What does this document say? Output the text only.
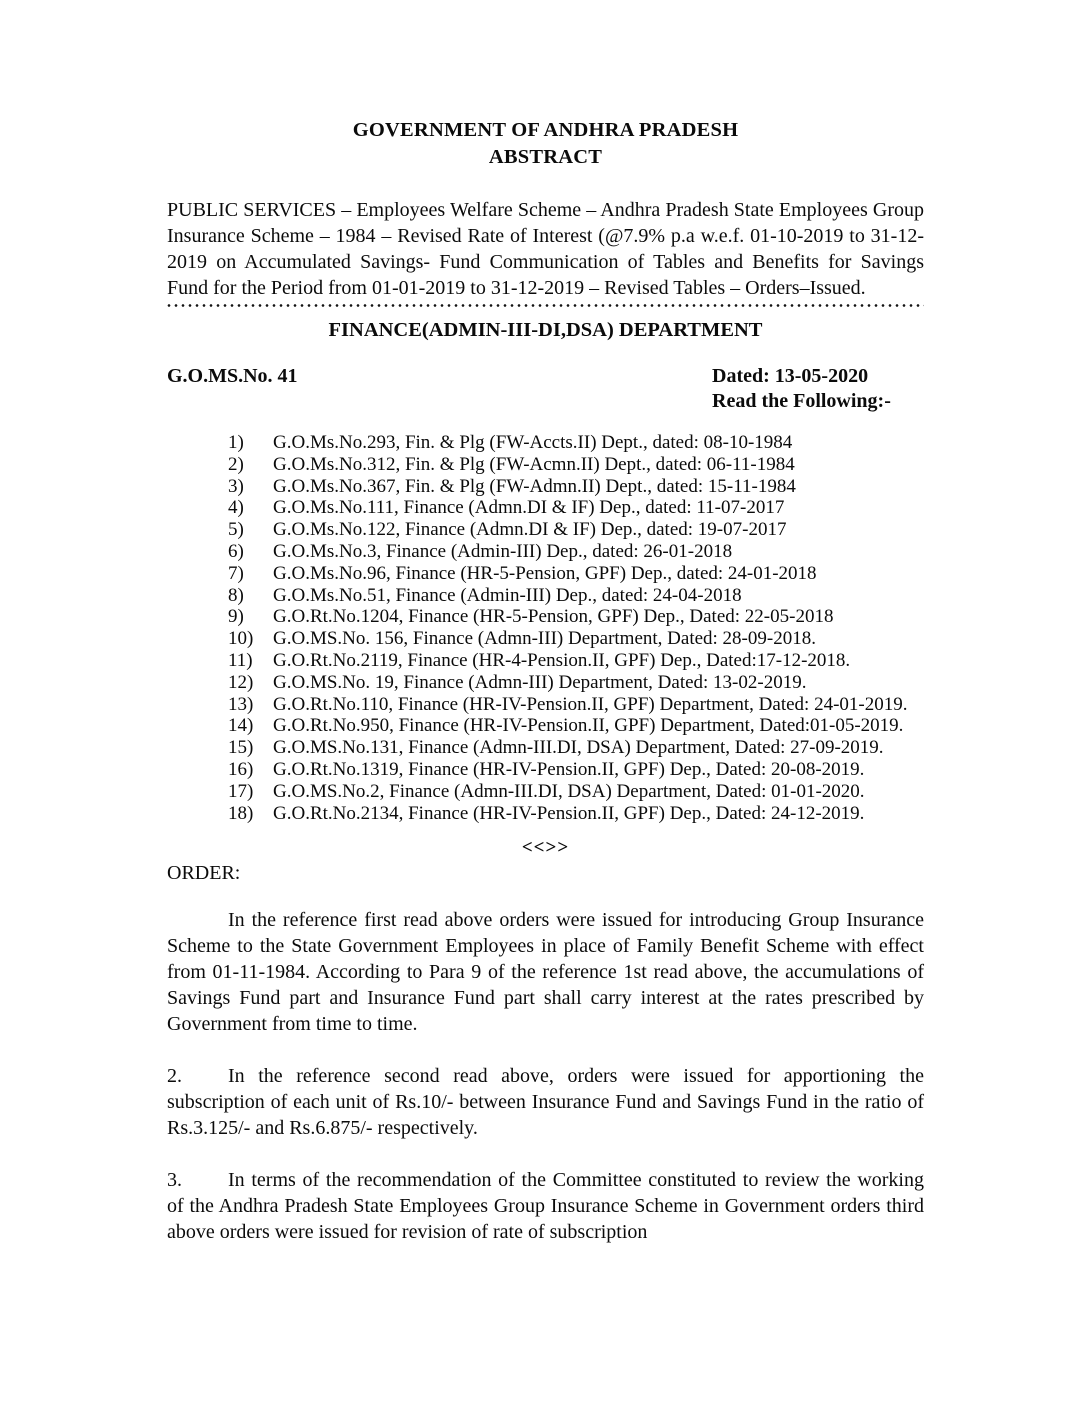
GOVERNMENT OF ANDHRA PRADESH
ABSTRACT

PUBLIC SERVICES – Employees Welfare Scheme – Andhra Pradesh State Employees Group Insurance Scheme – 1984 – Revised Rate of Interest (@7.9% p.a w.e.f. 01-10-2019 to 31-12-2019 on Accumulated Savings- Fund Communication of Tables and Benefits for Savings Fund for the Period from 01-01-2019 to 31-12-2019 – Revised Tables – Orders–Issued.

FINANCE(ADMIN-III-DI,DSA) DEPARTMENT
G.O.MS.No. 41	Dated: 13-05-2020
Read the Following:-
1) G.O.Ms.No.293, Fin. & Plg (FW-Accts.II) Dept., dated: 08-10-1984
2) G.O.Ms.No.312, Fin. & Plg (FW-Acmn.II) Dept., dated: 06-11-1984
3) G.O.Ms.No.367, Fin. & Plg (FW-Admn.II) Dept., dated: 15-11-1984
4) G.O.Ms.No.111, Finance (Admn.DI & IF) Dep., dated: 11-07-2017
5) G.O.Ms.No.122, Finance (Admn.DI & IF) Dep., dated: 19-07-2017
6) G.O.Ms.No.3, Finance (Admin-III) Dep., dated: 26-01-2018
7) G.O.Ms.No.96, Finance (HR-5-Pension, GPF) Dep., dated: 24-01-2018
8) G.O.Ms.No.51, Finance (Admin-III) Dep., dated: 24-04-2018
9) G.O.Rt.No.1204, Finance (HR-5-Pension, GPF) Dep., Dated: 22-05-2018
10) G.O.MS.No. 156, Finance (Admn-III) Department, Dated: 28-09-2018.
11) G.O.Rt.No.2119, Finance (HR-4-Pension.II, GPF) Dep., Dated:17-12-2018.
12) G.O.MS.No. 19, Finance (Admn-III) Department, Dated: 13-02-2019.
13) G.O.Rt.No.110, Finance (HR-IV-Pension.II, GPF) Department, Dated: 24-01-2019.
14) G.O.Rt.No.950, Finance (HR-IV-Pension.II, GPF) Department, Dated:01-05-2019.
15) G.O.MS.No.131, Finance (Admn-III.DI, DSA) Department, Dated: 27-09-2019.
16) G.O.Rt.No.1319, Finance (HR-IV-Pension.II, GPF) Dep., Dated: 20-08-2019.
17) G.O.MS.No.2, Finance (Admn-III.DI, DSA) Department, Dated: 01-01-2020.
18) G.O.Rt.No.2134, Finance (HR-IV-Pension.II, GPF) Dep., Dated: 24-12-2019.
<<>>
ORDER:

In the reference first read above orders were issued for introducing Group Insurance Scheme to the State Government Employees in place of Family Benefit Scheme with effect from 01-11-1984. According to Para 9 of the reference 1st read above, the accumulations of Savings Fund part and Insurance Fund part shall carry interest at the rates prescribed by Government from time to time.

2. In the reference second read above, orders were issued for apportioning the subscription of each unit of Rs.10/- between Insurance Fund and Savings Fund in the ratio of Rs.3.125/- and Rs.6.875/- respectively.

3. In terms of the recommendation of the Committee constituted to review the working of the Andhra Pradesh State Employees Group Insurance Scheme in Government orders third above orders were issued for revision of rate of subscription
